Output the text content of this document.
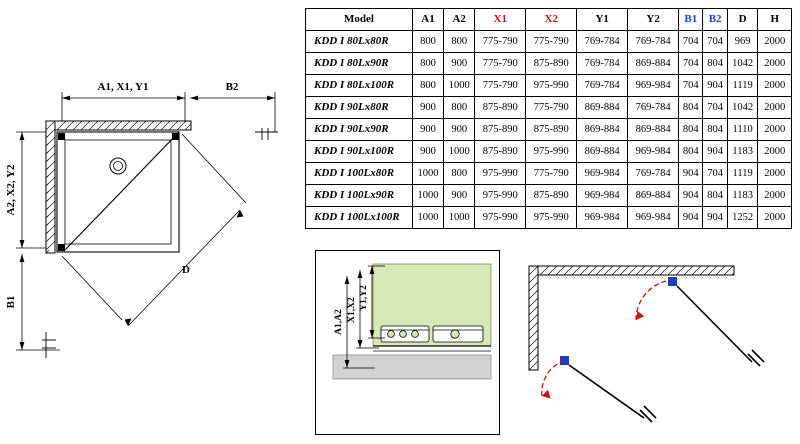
Model	A1	A2	X1	X2	Y1	Y2	B1	B2	D	H
KDD I 80Lx80R	800	800	775-790	775-790	769-784	769-784	704	704	969	2000
KDD I 80Lx90R	800	900	775-790	875-890	769-784	869-884	704	804	1042	2000
KDD I 80Lx100R	800	1000	775-790	975-990	769-784	969-984	704	904	1119	2000
KDD I 90Lx80R	900	800	875-890	775-790	869-884	769-784	804	704	1042	2000
KDD I 90Lx90R	900	900	875-890	875-890	869-884	869-884	804	804	1110	2000
KDD I 90Lx100R	900	1000	875-890	975-990	869-884	969-984	804	904	1183	2000
KDD I 100Lx80R	1000	800	975-990	775-790	969-984	769-784	904	704	1119	2000
KDD I 100Lx90R	1000	900	975-990	875-890	969-984	869-884	904	804	1183	2000
KDD I 100Lx100R	1000	1000	975-990	975-990	969-984	969-984	904	904	1252	2000
A1, X1, Y1	B2
A2, X2, Y2
B1
D
A1,A2 X1,X2 Y1,Y2
